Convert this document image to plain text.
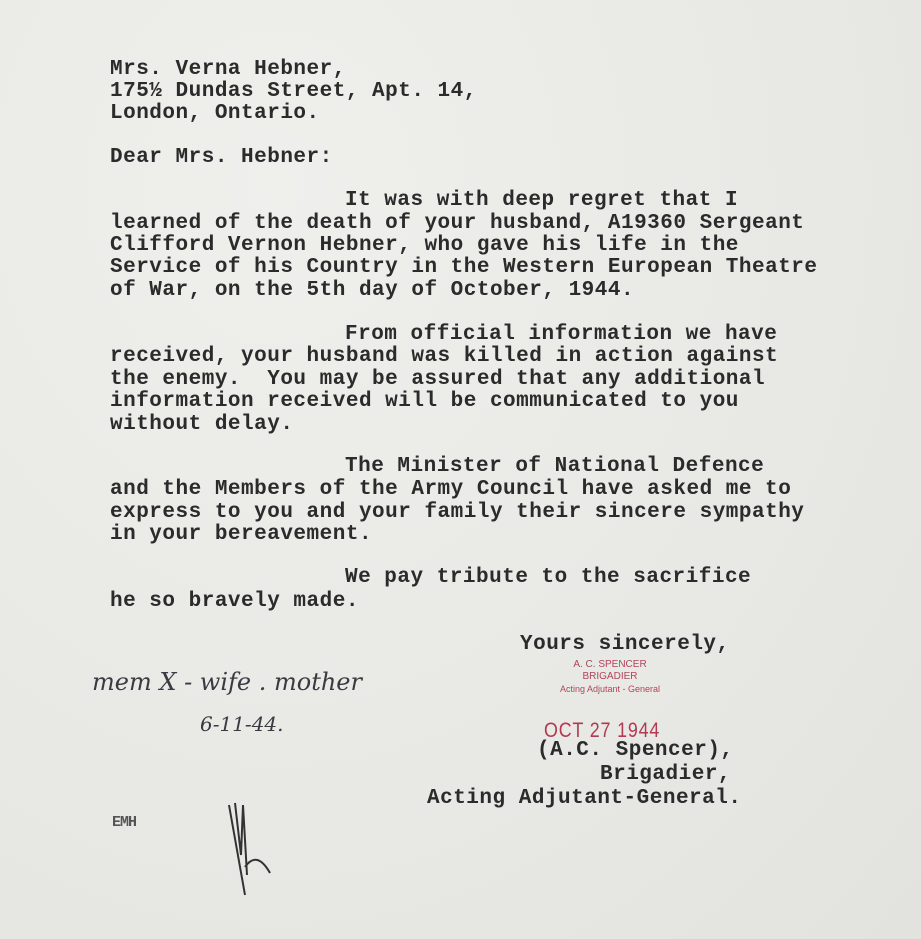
Mrs. Verna Hebner,
175½ Dundas Street, Apt. 14,
London, Ontario.
Dear Mrs. Hebner:
It was with deep regret that I
learned of the death of your husband, A19360 Sergeant
Clifford Vernon Hebner, who gave his life in the
Service of his Country in the Western European Theatre
of War, on the 5th day of October, 1944.
From official information we have
received, your husband was killed in action against
the enemy.  You may be assured that any additional
information received will be communicated to you
without delay.
The Minister of National Defence
and the Members of the Army Council have asked me to
express to you and your family their sincere sympathy
in your bereavement.
We pay tribute to the sacrifice
he so bravely made.
Yours sincerely,
A. C. SPENCER
BRIGADIER
Acting Adjutant - General
OCT 27 1944
(A.C. Spencer),
Brigadier,
Acting Adjutant-General.
mem X - wife . mother
6-11-44.
EMH
